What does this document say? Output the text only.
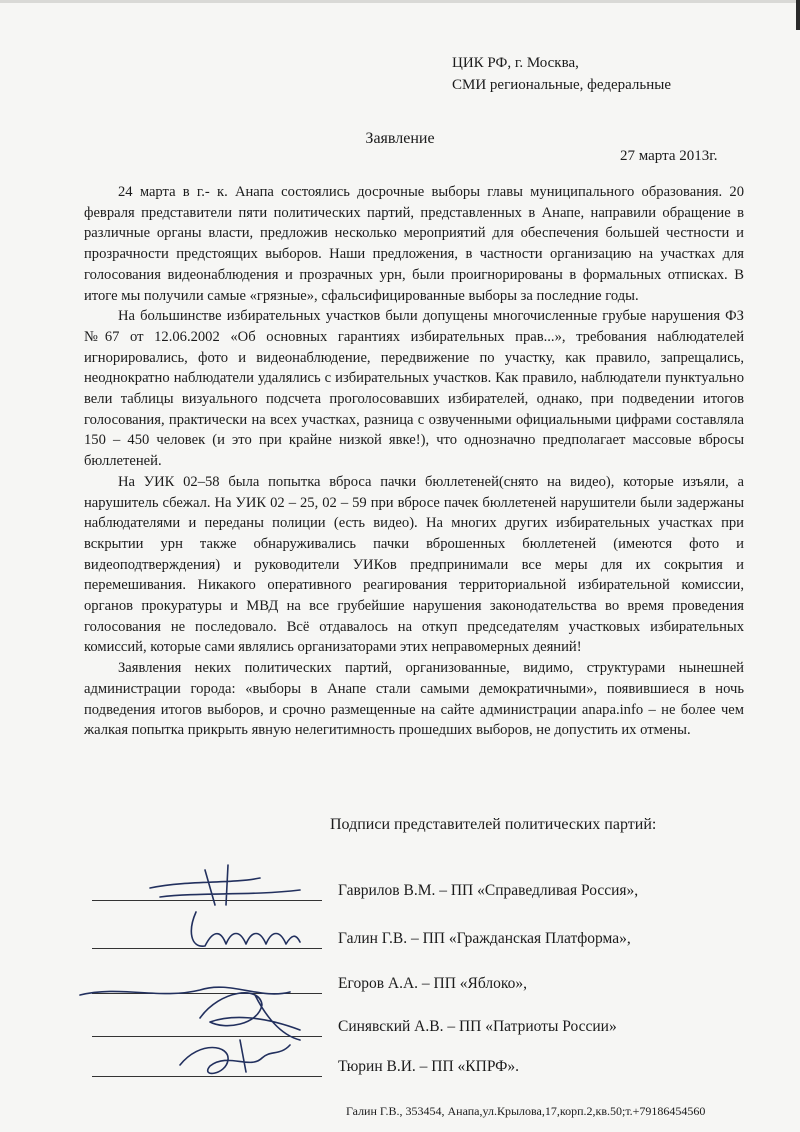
ЦИК РФ, г. Москва,
СМИ региональные, федеральные
Заявление
27 марта 2013г.

24 марта в г.- к. Анапа состоялись досрочные выборы главы муниципального образования. 20 февраля представители пяти политических партий, представленных в Анапе, направили обращение в различные органы власти, предложив несколько мероприятий для обеспечения большей честности и прозрачности предстоящих выборов. Наши предложения, в частности организацию на участках для голосования видеонаблюдения и прозрачных урн, были проигнорированы в формальных отписках. В итоге мы получили самые «грязные», сфальсифицированные выборы за последние годы.

На большинстве избирательных участков были допущены многочисленные грубые нарушения ФЗ №67 от 12.06.2002 «Об основных гарантиях избирательных прав...», требования наблюдателей игнорировались, фото и видеонаблюдение, передвижение по участку, как правило, запрещались, неоднократно наблюдатели удалялись с избирательных участков. Как правило, наблюдатели пунктуально вели таблицы визуального подсчета проголосовавших избирателей, однако, при подведении итогов голосования, практически на всех участках, разница с озвученными официальными цифрами составляла 150 – 450 человек (и это при крайне низкой явке!), что однозначно предполагает массовые вбросы бюллетеней.

На УИК 02–58 была попытка вброса пачки бюллетеней(снято на видео), которые изъяли, а нарушитель сбежал. На УИК 02 – 25, 02 – 59 при вбросе пачек бюллетеней нарушители были задержаны наблюдателями и переданы полиции (есть видео). На многих других избирательных участках при вскрытии урн также обнаруживались пачки вброшенных бюллетеней (имеются фото и видеоподтверждения) и руководители УИКов предпринимали все меры для их сокрытия и перемешивания. Никакого оперативного реагирования территориальной избирательной комиссии, органов прокуратуры и МВД на все грубейшие нарушения законодательства во время проведения голосования не последовало. Всё отдавалось на откуп председателям участковых избирательных комиссий, которые сами являлись организаторами этих неправомерных деяний!

Заявления неких политических партий, организованные, видимо, структурами нынешней администрации города: «выборы в Анапе стали самыми демократичными», появившиеся в ночь подведения итогов выборов, и срочно размещенные на сайте администрации anapa.info – не более чем жалкая попытка прикрыть явную нелегитимность прошедших выборов, не допустить их отмены.

Подписи представителей политических партий:
Гаврилов В.М. – ПП «Справедливая Россия»,
Галин Г.В. – ПП «Гражданская Платформа»,
Егоров А.А. – ПП «Яблоко»,
Синявский А.В. – ПП «Патриоты России»
Тюрин В.И. – ПП «КПРФ».
Галин Г.В., 353454, Анапа,ул.Крылова,17,корп.2,кв.50;т.+79186454560
